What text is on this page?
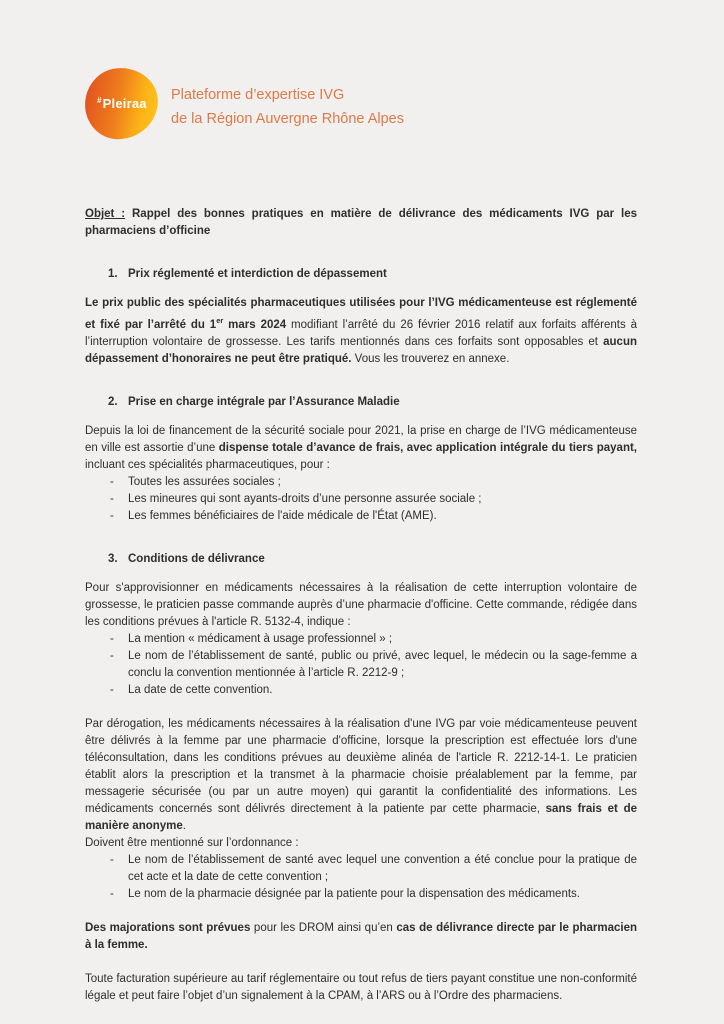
#Pleiraa
Plateforme d’expertise IVG
de la Région Auvergne Rhône Alpes

Objet : Rappel des bonnes pratiques en matière de délivrance des médicaments IVG par les pharmaciens d’officine

1. Prix réglementé et interdiction de dépassement

Le prix public des spécialités pharmaceutiques utilisées pour l’IVG médicamenteuse est réglementé et fixé par l’arrêté du 1er mars 2024 modifiant l’arrêté du 26 février 2016 relatif aux forfaits afférents à l’interruption volontaire de grossesse. Les tarifs mentionnés dans ces forfaits sont opposables et aucun dépassement d’honoraires ne peut être pratiqué. Vous les trouverez en annexe.

2. Prise en charge intégrale par l’Assurance Maladie

Depuis la loi de financement de la sécurité sociale pour 2021, la prise en charge de l’IVG médicamenteuse en ville est assortie d’une dispense totale d’avance de frais, avec application intégrale du tiers payant, incluant ces spécialités pharmaceutiques, pour :

-	Toutes les assurées sociales ;
-	Les mineures qui sont ayants-droits d’une personne assurée sociale ;
-	Les femmes bénéficiaires de l'aide médicale de l'État (AME).
3. Conditions de délivrance

Pour s'approvisionner en médicaments nécessaires à la réalisation de cette interruption volontaire de grossesse, le praticien passe commande auprès d’une pharmacie d'officine. Cette commande, rédigée dans les conditions prévues à l'article R. 5132-4, indique :

-	La mention « médicament à usage professionnel » ;
-	Le nom de l’établissement de santé, public ou privé, avec lequel, le médecin ou la sage-femme a conclu la convention mentionnée à l’article R. 2212-9 ;
-	La date de cette convention.

Par dérogation, les médicaments nécessaires à la réalisation d'une IVG par voie médicamenteuse peuvent être délivrés à la femme par une pharmacie d'officine, lorsque la prescription est effectuée lors d'une téléconsultation, dans les conditions prévues au deuxième alinéa de l'article R. 2212-14-1. Le praticien établit alors la prescription et la transmet à la pharmacie choisie préalablement par la femme, par messagerie sécurisée (ou par un autre moyen) qui garantit la confidentialité des informations. Les médicaments concernés sont délivrés directement à la patiente par cette pharmacie, sans frais et de manière anonyme.

Doivent être mentionné sur l’ordonnance :

-	Le nom de l’établissement de santé avec lequel une convention a été conclue pour la pratique de cet acte et la date de cette convention ;
-	Le nom de la pharmacie désignée par la patiente pour la dispensation des médicaments.

Des majorations sont prévues pour les DROM ainsi qu’en cas de délivrance directe par le pharmacien à la femme.

Toute facturation supérieure au tarif réglementaire ou tout refus de tiers payant constitue une non-conformité légale et peut faire l’objet d’un signalement à la CPAM, à l’ARS ou à l’Ordre des pharmaciens.
